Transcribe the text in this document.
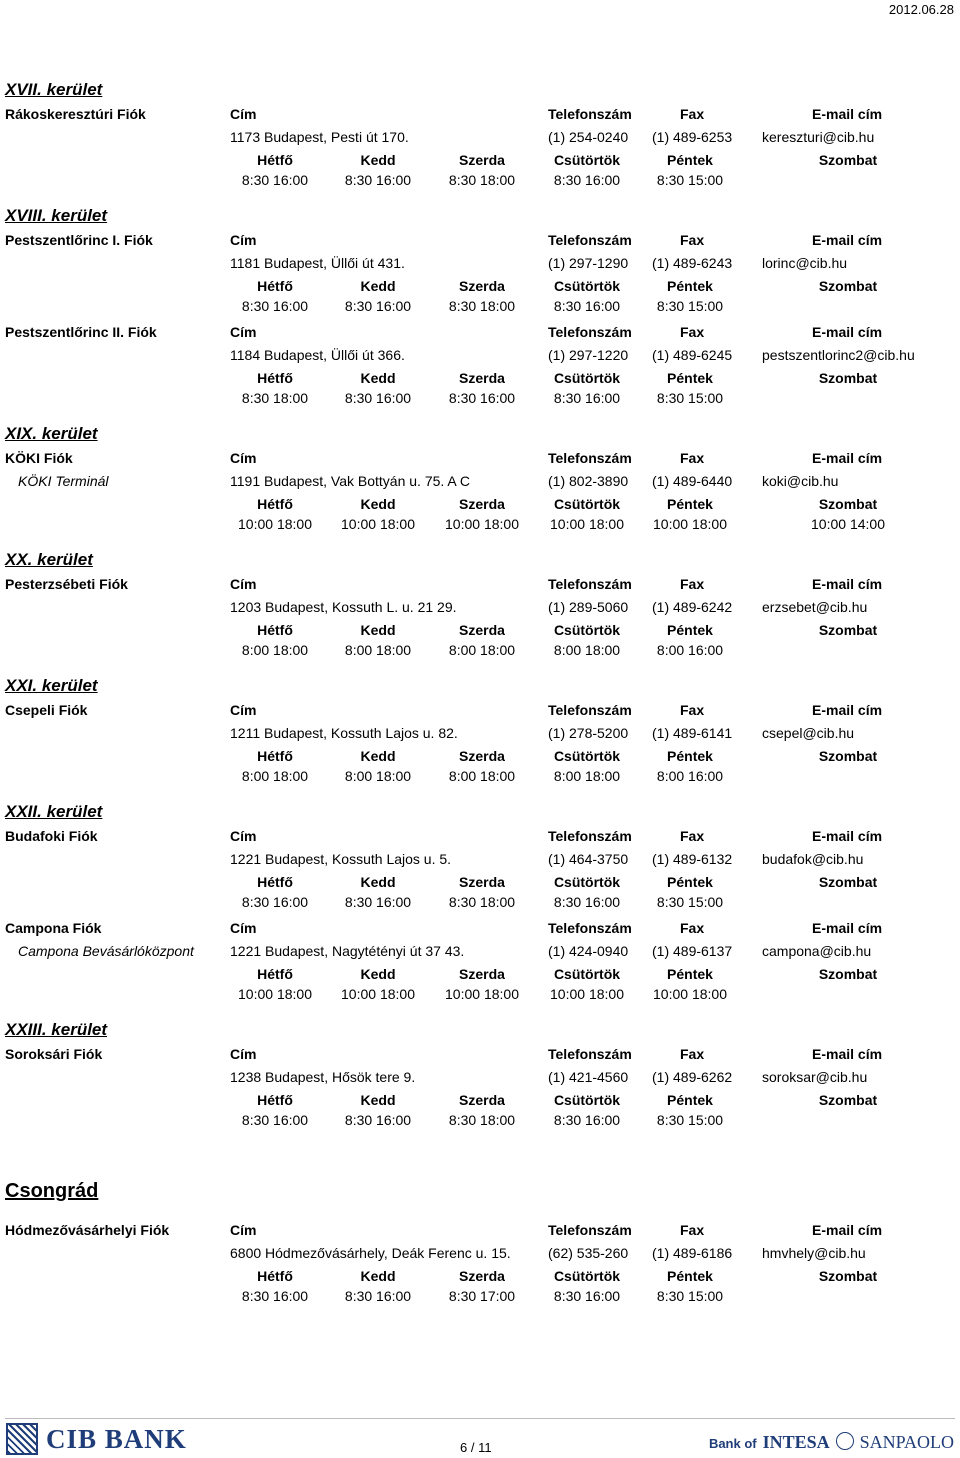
2012.06.28
XVII. kerület
Rákoskeresztúri Fiók	Cím	Telefonszám	Fax	E-mail cím
1173 Budapest, Pesti út 170.	(1) 254-0240 (1) 489-6253 kereszturi@cib.hu
Hétfő	Kedd	Szerda	Csütörtök	Péntek	Szombat
8:30 16:00	8:30 16:00	8:30 18:00	8:30 16:00	8:30 15:00
XVIII. kerület
Pestszentlőrinc I. Fiók	Cím	Telefonszám	Fax	E-mail cím
1181 Budapest, Üllői út 431.	(1) 297-1290 (1) 489-6243 lorinc@cib.hu
Hétfő	Kedd	Szerda	Csütörtök	Péntek	Szombat
8:30 16:00	8:30 16:00	8:30 18:00	8:30 16:00	8:30 15:00
Pestszentlőrinc II. Fiók	Cím	Telefonszám	Fax	E-mail cím
1184 Budapest, Üllői út 366.	(1) 297-1220 (1) 489-6245 pestszentlorinc2@cib.hu
Hétfő	Kedd	Szerda	Csütörtök	Péntek	Szombat
8:30 18:00	8:30 16:00	8:30 16:00	8:30 16:00	8:30 15:00
XIX. kerület
KÖKI Fiók	Cím	Telefonszám	Fax	E-mail cím
KÖKI Terminál	1191 Budapest, Vak Bottyán u. 75. A C	(1) 802-3890 (1) 489-6440 koki@cib.hu
Hétfő	Kedd	Szerda	Csütörtök	Péntek	Szombat
10:00 18:00	10:00 18:00	10:00 18:00	10:00 18:00	10:00 18:00	10:00 14:00
XX. kerület
Pesterzsébeti Fiók	Cím	Telefonszám	Fax	E-mail cím
1203 Budapest, Kossuth L. u. 21 29.	(1) 289-5060 (1) 489-6242 erzsebet@cib.hu
Hétfő	Kedd	Szerda	Csütörtök	Péntek	Szombat
8:00 18:00	8:00 18:00	8:00 18:00	8:00 18:00	8:00 16:00
XXI. kerület
Csepeli Fiók	Cím	Telefonszám	Fax	E-mail cím
1211 Budapest, Kossuth Lajos u. 82.	(1) 278-5200 (1) 489-6141 csepel@cib.hu
Hétfő	Kedd	Szerda	Csütörtök	Péntek	Szombat
8:00 18:00	8:00 18:00	8:00 18:00	8:00 18:00	8:00 16:00
XXII. kerület
Budafoki Fiók	Cím	Telefonszám	Fax	E-mail cím
1221 Budapest, Kossuth Lajos u. 5.	(1) 464-3750 (1) 489-6132 budafok@cib.hu
Hétfő	Kedd	Szerda	Csütörtök	Péntek	Szombat
8:30 16:00	8:30 16:00	8:30 18:00	8:30 16:00	8:30 15:00
Campona Fiók	Cím	Telefonszám	Fax	E-mail cím
Campona Bevásárlóközpont	1221 Budapest, Nagytétényi út 37 43.	(1) 424-0940 (1) 489-6137 campona@cib.hu
Hétfő	Kedd	Szerda	Csütörtök	Péntek	Szombat
10:00 18:00	10:00 18:00	10:00 18:00	10:00 18:00	10:00 18:00
XXIII. kerület
Soroksári Fiók	Cím	Telefonszám	Fax	E-mail cím
1238 Budapest, Hősök tere 9.	(1) 421-4560 (1) 489-6262 soroksar@cib.hu
Hétfő	Kedd	Szerda	Csütörtök	Péntek	Szombat
8:30 16:00	8:30 16:00	8:30 18:00	8:30 16:00	8:30 15:00
Csongrád
Hódmezővásárhelyi Fiók	Cím	Telefonszám	Fax	E-mail cím
6800 Hódmezővásárhely, Deák Ferenc u. 15.	(62) 535-260 (1) 489-6186 hmvhely@cib.hu
Hétfő	Kedd	Szerda	Csütörtök	Péntek	Szombat
8:30 16:00	8:30 16:00	8:30 17:00	8:30 16:00	8:30 15:00
CIB BANK	6 / 11	Bank of INTESA SANPAOLO
